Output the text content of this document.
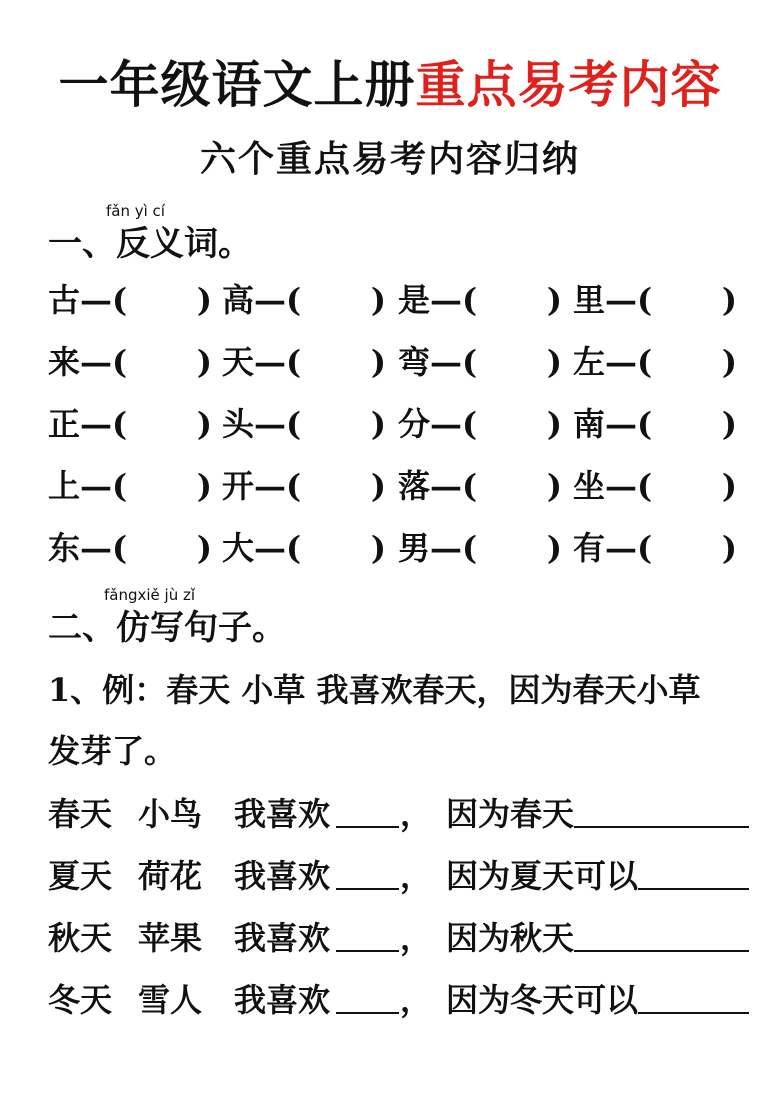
一年级语文上册重点易考内容
六个重点易考内容归纳
fǎn yì cí
一、反义词。
古— ( ) 高— ( ) 是— ( ) 里— ( )
来— ( ) 天— ( ) 弯— ( ) 左— ( )
正— ( ) 头— ( ) 分— ( ) 南— ( )
上— ( ) 开— ( ) 落— ( ) 坐— ( )
东— ( ) 大— ( ) 男— ( ) 有— ( )
fǎngxiě jù zǐ
二、仿写句子。
1、例：春天 小草 我喜欢春天，因为春天小草
发芽了。
春天 小鸟 我喜欢 ， 因为春天
夏天 荷花 我喜欢 ， 因为夏天可以
秋天 苹果 我喜欢 ， 因为秋天
冬天 雪人 我喜欢 ， 因为冬天可以
